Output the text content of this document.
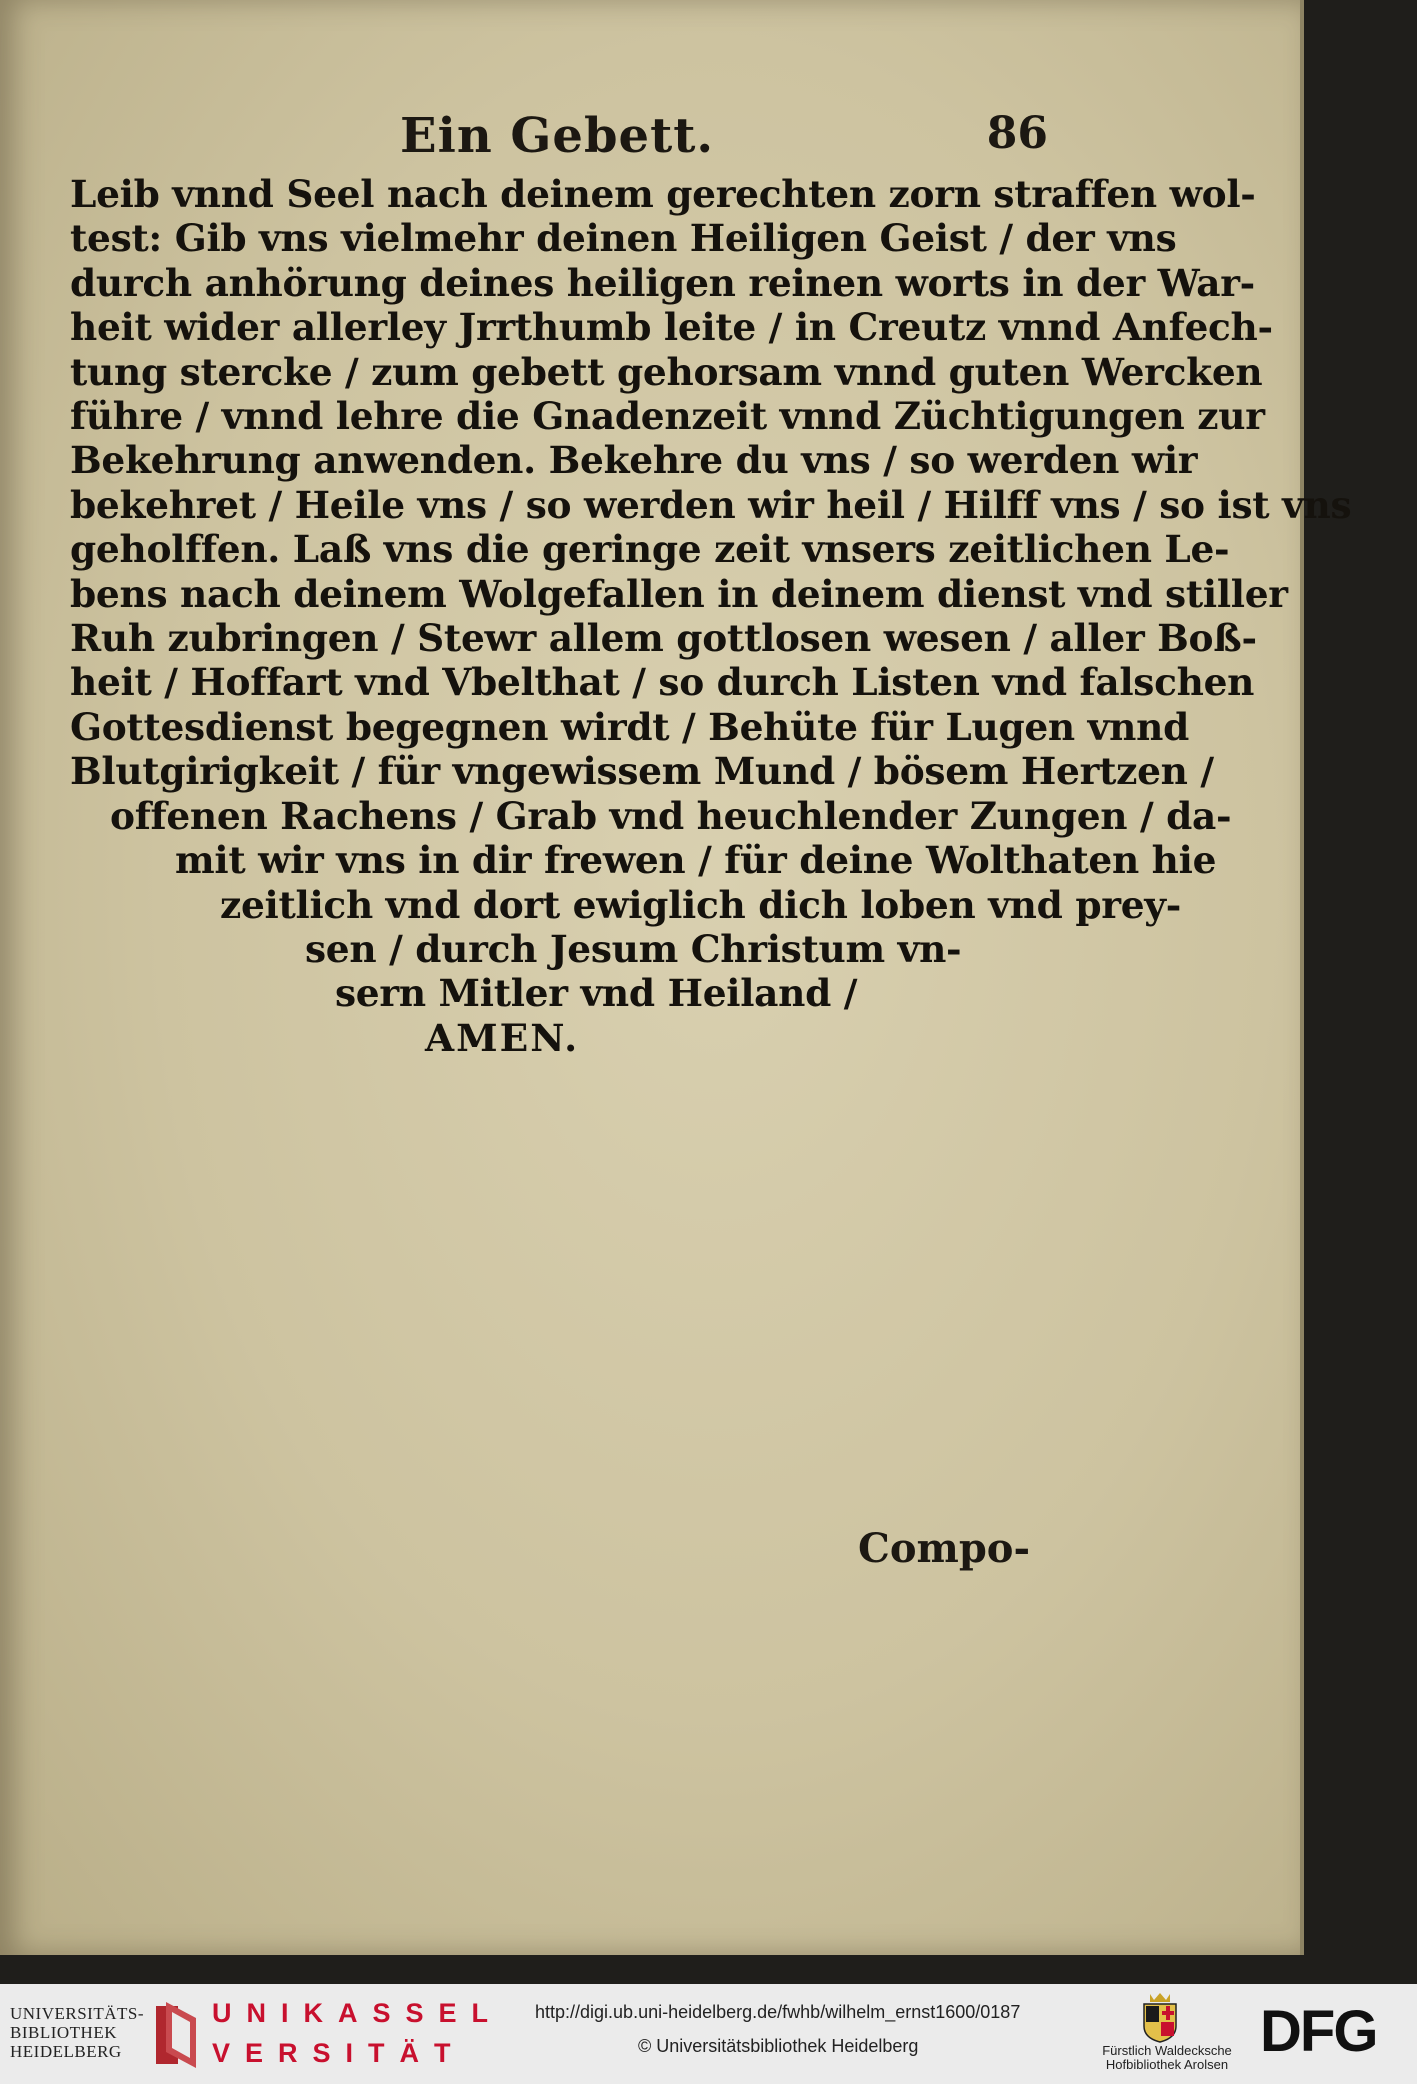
Ein Gebett.	86
Leib vnnd Seel nach deinem gerechten zorn straffen wol-
test: Gib vns vielmehr deinen Heiligen Geist / der vns
durch anhörung deines heiligen reinen worts in der War-
heit wider allerley Jrrthumb leite / in Creutz vnnd Anfech-
tung stercke / zum gebett gehorsam vnnd guten Wercken
führe / vnnd lehre die Gnadenzeit vnnd Züchtigungen zur
Bekehrung anwenden. Bekehre du vns / so werden wir
bekehret / Heile vns / so werden wir heil / Hilff vns / so ist vns
geholffen. Laß vns die geringe zeit vnsers zeitlichen Le-
bens nach deinem Wolgefallen in deinem dienst vnd stiller
Ruh zubringen / Stewr allem gottlosen wesen / aller Boß-
heit / Hoffart vnd Vbelthat / so durch Listen vnd falschen
Gottesdienst begegnen wirdt / Behüte für Lugen vnnd
Blutgirigkeit / für vngewissem Mund / bösem Hertzen /
offenen Rachens / Grab vnd heuchlender Zungen / da-
mit wir vns in dir frewen / für deine Wolthaten hie
zeitlich vnd dort ewiglich dich loben vnd prey-
sen / durch Jesum Christum vn-
sern Mitler vnd Heiland /
AMEN.
Compo-
UNIVERSITÄTS-
BIBLIOTHEK
HEIDELBERG
UNIKASSEL
VERSITÄT
http://digi.ub.uni-heidelberg.de/fwhb/wilhelm_ernst1600/0187
© Universitätsbibliothek Heidelberg	Fürstlich Waldecksche
Hofbibliothek Arolsen
DFG
